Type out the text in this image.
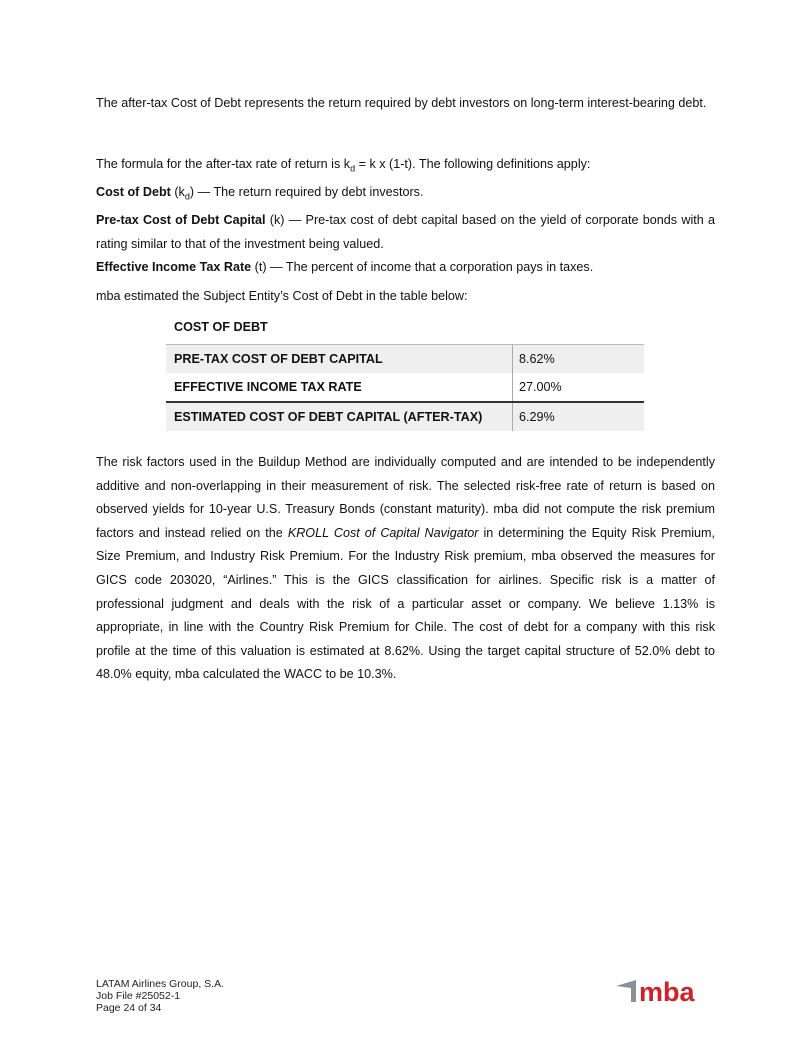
The after-tax Cost of Debt represents the return required by debt investors on long-term interest-bearing debt.

The formula for the after-tax rate of return is $k_d = k$ x (1-t). The following definitions apply:

Cost of Debt $(k_d)$ — The return required by debt investors.
Pre-tax Cost of Debt Capital (k) — Pre-tax cost of debt capital based on the yield of corporate bonds with a rating similar to that of the investment being valued.
Effective Income Tax Rate (t) — The percent of income that a corporation pays in taxes.

mba estimated the Subject Entity’s Cost of Debt in the table below:

COST OF DEBT
PRE-TAX COST OF DEBT CAPITAL	8.62%
EFFECTIVE INCOME TAX RATE	27.00%
ESTIMATED COST OF DEBT CAPITAL (AFTER-TAX)	6.29%

The risk factors used in the Buildup Method are individually computed and are intended to be independently additive and non-overlapping in their measurement of risk. The selected risk-free rate of return is based on observed yields for 10-year U.S. Treasury Bonds (constant maturity). mba did not compute the risk premium factors and instead relied on the KROLL Cost of Capital Navigator in determining the Equity Risk Premium, Size Premium, and Industry Risk Premium. For the Industry Risk premium, mba observed the measures for GICS code 203020, “Airlines.” This is the GICS classification for airlines. Specific risk is a matter of professional judgment and deals with the risk of a particular asset or company. We believe 1.13% is appropriate, in line with the Country Risk Premium for Chile. The cost of debt for a company with this risk profile at the time of this valuation is estimated at 8.62%. Using the target capital structure of 52.0% debt to 48.0% equity, mba calculated the WACC to be 10.3%.

LATAM Airlines Group, S.A.
Job File #25052-1
Page 24 of 34
mba
